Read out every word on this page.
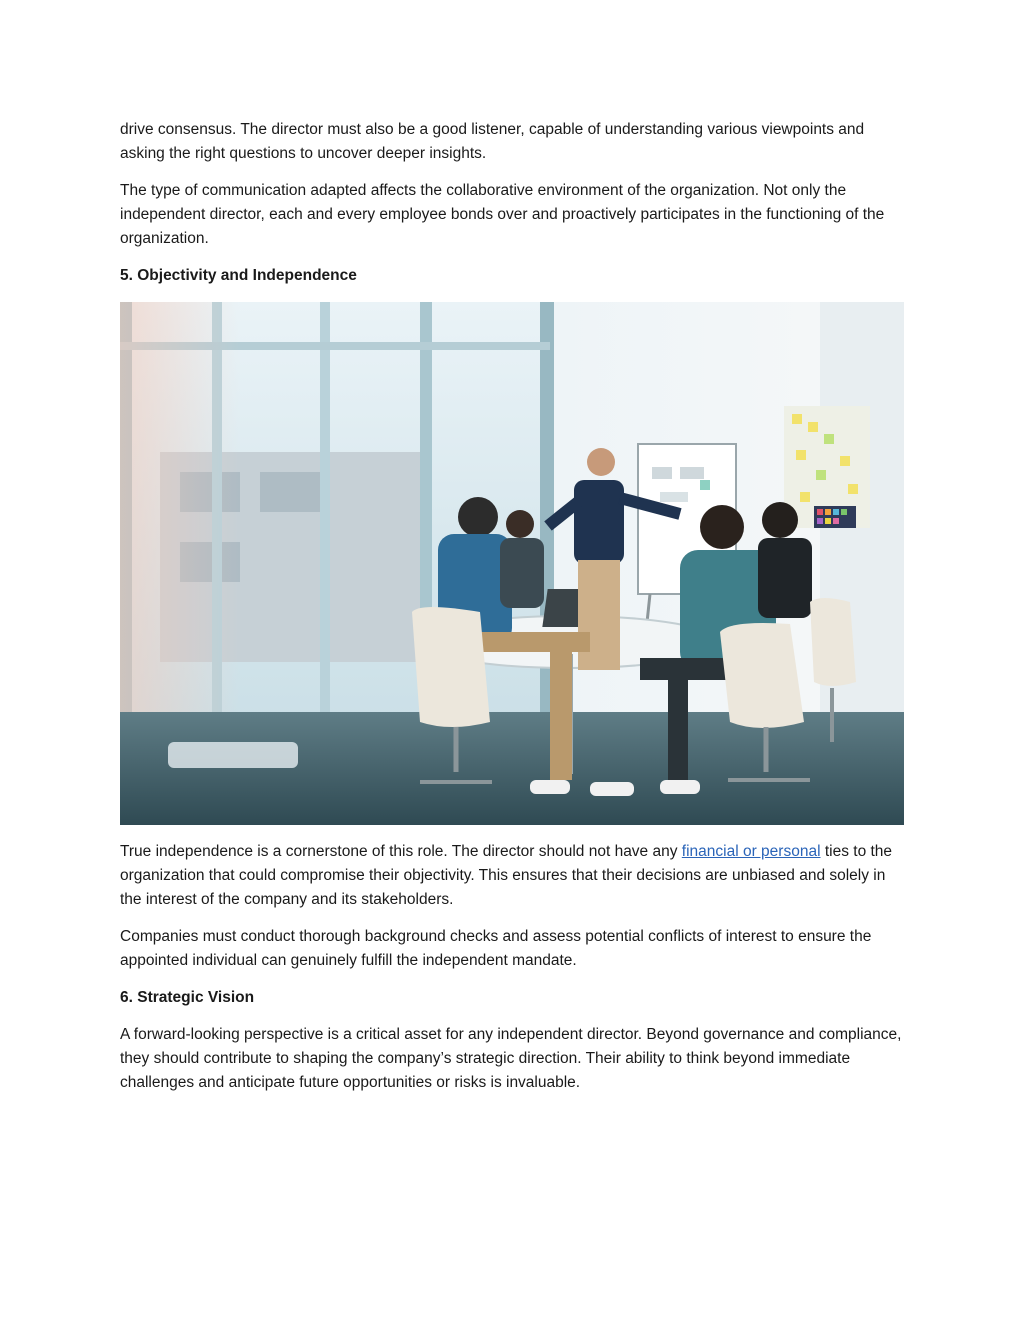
drive consensus. The director must also be a good listener, capable of understanding various viewpoints and asking the right questions to uncover deeper insights.

The type of communication adapted affects the collaborative environment of the organization. Not only the independent director, each and every employee bonds over and proactively participates in the functioning of the organization.

5. Objectivity and Independence

True independence is a cornerstone of this role. The director should not have any financial or personal ties to the organization that could compromise their objectivity. This ensures that their decisions are unbiased and solely in the interest of the company and its stakeholders.

Companies must conduct thorough background checks and assess potential conflicts of interest to ensure the appointed individual can genuinely fulfill the independent mandate.

6. Strategic Vision

A forward-looking perspective is a critical asset for any independent director. Beyond governance and compliance, they should contribute to shaping the company’s strategic direction. Their ability to think beyond immediate challenges and anticipate future opportunities or risks is invaluable.
